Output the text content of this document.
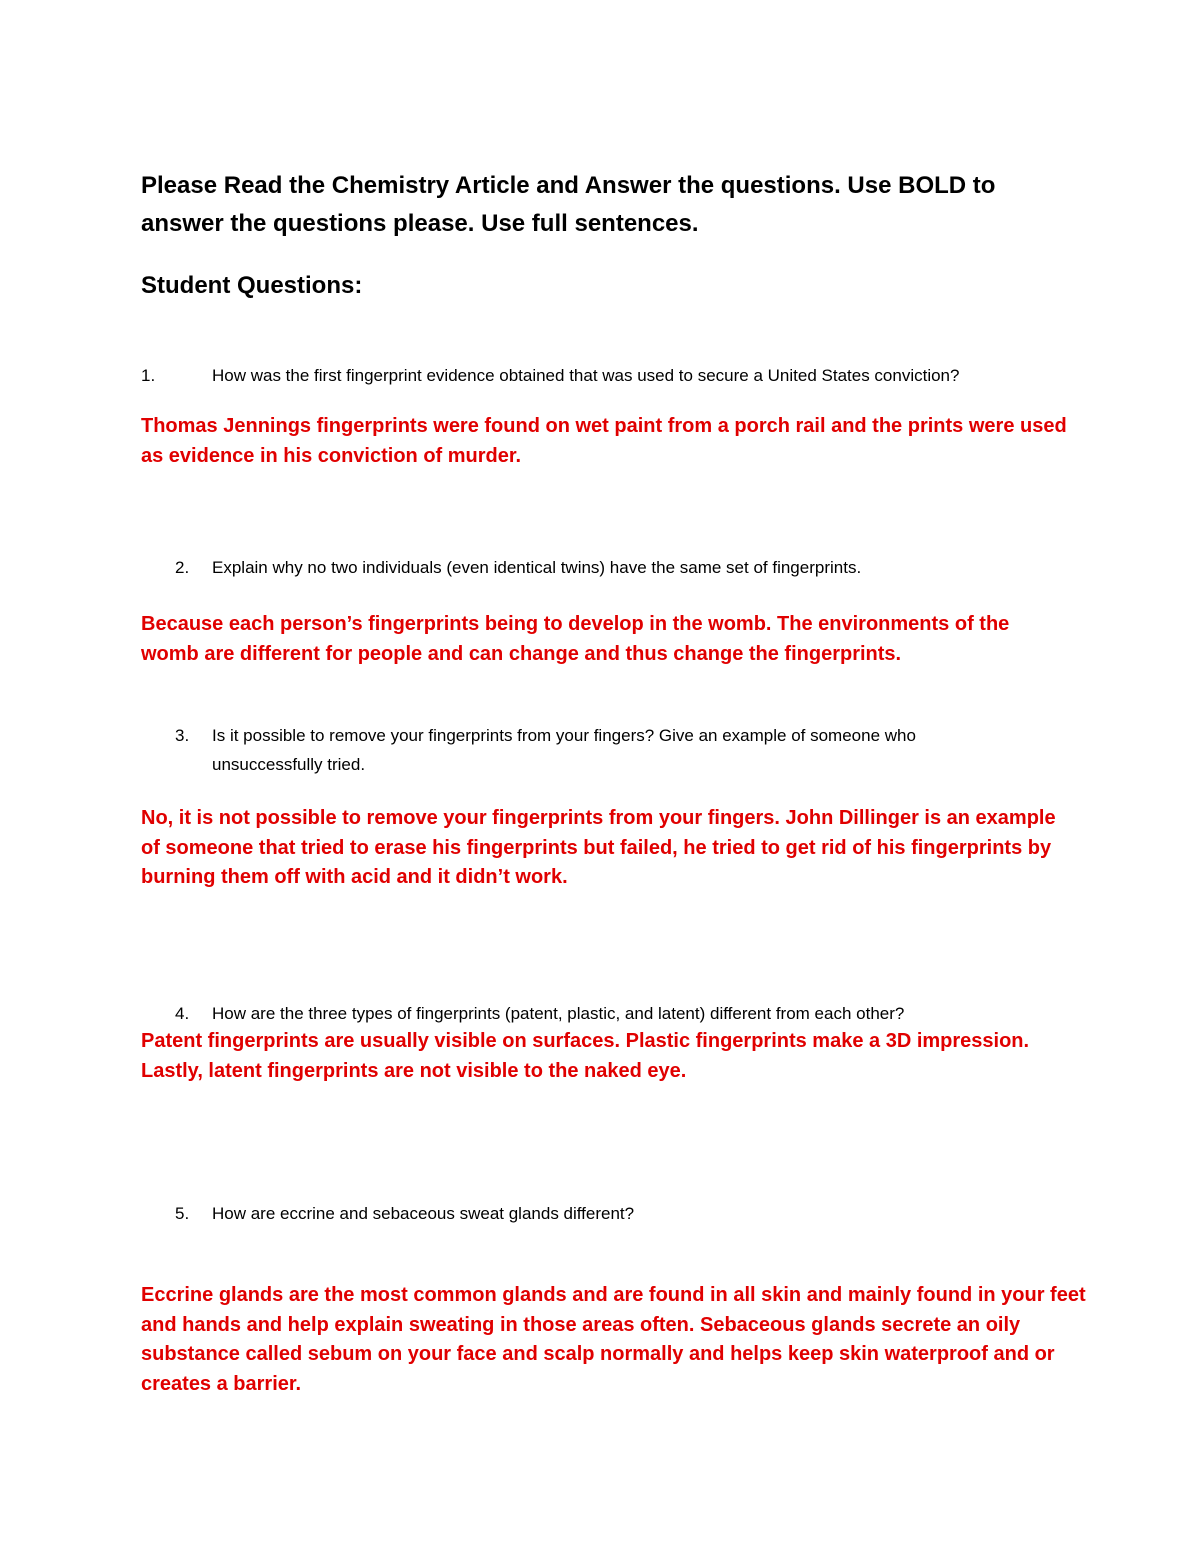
Please Read the Chemistry Article and Answer the questions. Use BOLD to answer the questions please. Use full sentences.

Student Questions:

1.	How was the first fingerprint evidence obtained that was used to secure a United States conviction?

Thomas Jennings fingerprints were found on wet paint from a porch rail and the prints were used as evidence in his conviction of murder.

2. Explain why no two individuals (even identical twins) have the same set of fingerprints.

Because each person’s fingerprints being to develop in the womb. The environments of the womb are different for people and can change and thus change the fingerprints.

3. Is it possible to remove your fingerprints from your fingers? Give an example of someone who unsuccessfully tried.

No, it is not possible to remove your fingerprints from your fingers. John Dillinger is an example of someone that tried to erase his fingerprints but failed, he tried to get rid of his fingerprints by burning them off with acid and it didn’t work.

4. How are the three types of fingerprints (patent, plastic, and latent) different from each other?

Patent fingerprints are usually visible on surfaces. Plastic fingerprints make a 3D impression. Lastly, latent fingerprints are not visible to the naked eye.

5. How are eccrine and sebaceous sweat glands different?

Eccrine glands are the most common glands and are found in all skin and mainly found in your feet and hands and help explain sweating in those areas often. Sebaceous glands secrete an oily substance called sebum on your face and scalp normally and helps keep skin waterproof and or creates a barrier.
